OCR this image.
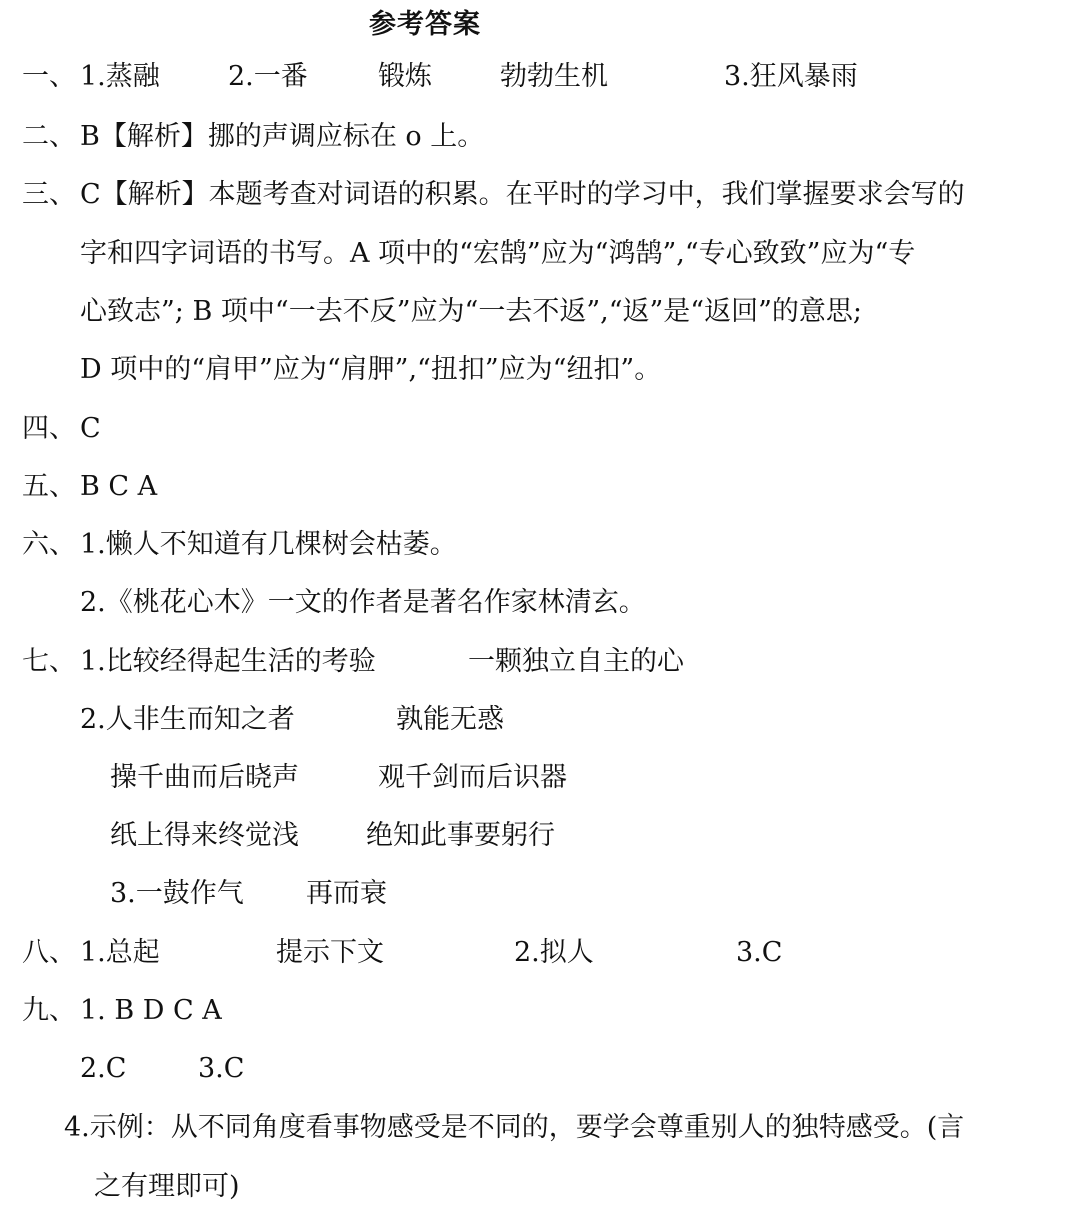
参考答案
一、 1.蒸融	2.一番	锻炼	勃勃生机	3.狂风暴雨
二、 B【解析】挪的声调应标在 o 上。
三、 C【解析】本题考查对词语的积累。在平时的学习中，我们掌握要求会写的
字和四字词语的书写。A 项中的“宏鹄”应为“鸿鹄”,“专心致致”应为“专
心致志”; B 项中“一去不反”应为“一去不返”,“返”是“返回”的意思;
D 项中的“肩甲”应为“肩胛”,“扭扣”应为“纽扣”。
四、 C
五、 B C A
六、 1.懒人不知道有几棵树会枯萎。
2.《桃花心木》一文的作者是著名作家林清玄。
七、 1.比较经得起生活的考验	一颗独立自主的心
2.人非生而知之者	孰能无惑
操千曲而后晓声	观千剑而后识器
纸上得来终觉浅 绝知此事要躬行
3.一鼓作气 再而衰
八、 1.总起	提示下文	2.拟人	3.C
九、 1. B D C A
2.C	3.C
4.示例：从不同角度看事物感受是不同的，要学会尊重别人的独特感受。(言
之有理即可)
